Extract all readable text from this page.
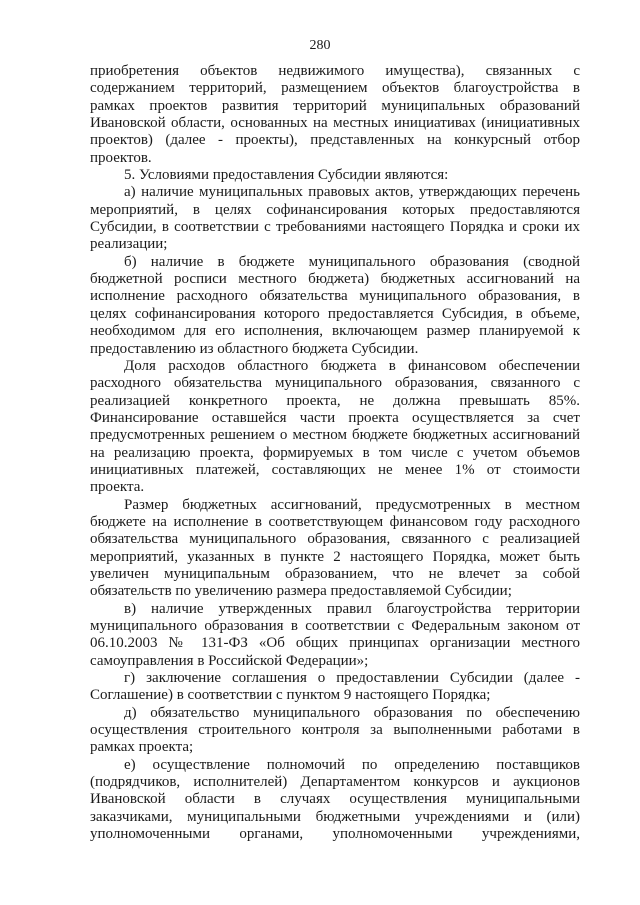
280
приобретения объектов недвижимого имущества), связанных с
содержанием территорий, размещением объектов благоустройства в
рамках проектов развития территорий муниципальных образований
Ивановской области, основанных на местных инициативах (инициативных
проектов) (далее - проекты), представленных на конкурсный отбор
проектов.
5. Условиями предоставления Субсидии являются:
а) наличие муниципальных правовых актов, утверждающих перечень
мероприятий, в целях софинансирования которых предоставляются
Субсидии, в соответствии с требованиями настоящего Порядка и сроки их
реализации;
б) наличие в бюджете муниципального образования (сводной
бюджетной росписи местного бюджета) бюджетных ассигнований на
исполнение расходного обязательства муниципального образования, в
целях софинансирования которого предоставляется Субсидия, в объеме,
необходимом для его исполнения, включающем размер планируемой к
предоставлению из областного бюджета Субсидии.
Доля расходов областного бюджета в финансовом обеспечении
расходного обязательства муниципального образования, связанного с
реализацией конкретного проекта, не должна превышать 85%.
Финансирование оставшейся части проекта осуществляется за счет
предусмотренных решением о местном бюджете бюджетных ассигнований
на реализацию проекта, формируемых в том числе с учетом объемов
инициативных платежей, составляющих не менее 1% от стоимости
проекта.
Размер бюджетных ассигнований, предусмотренных в местном
бюджете на исполнение в соответствующем финансовом году расходного
обязательства муниципального образования, связанного с реализацией
мероприятий, указанных в пункте 2 настоящего Порядка, может быть
увеличен муниципальным образованием, что не влечет за собой
обязательств по увеличению размера предоставляемой Субсидии;
в) наличие утвержденных правил благоустройства территории
муниципального образования в соответствии с Федеральным законом от
06.10.2003 № 131-ФЗ «Об общих принципах организации местного
самоуправления в Российской Федерации»;
г) заключение соглашения о предоставлении Субсидии (далее -
Соглашение) в соответствии с пунктом 9 настоящего Порядка;
д) обязательство муниципального образования по обеспечению
осуществления строительного контроля за выполненными работами в
рамках проекта;
е) осуществление полномочий по определению поставщиков
(подрядчиков, исполнителей) Департаментом конкурсов и аукционов
Ивановской области в случаях осуществления муниципальными
заказчиками, муниципальными бюджетными учреждениями и (или)
уполномоченными органами, уполномоченными учреждениями,
